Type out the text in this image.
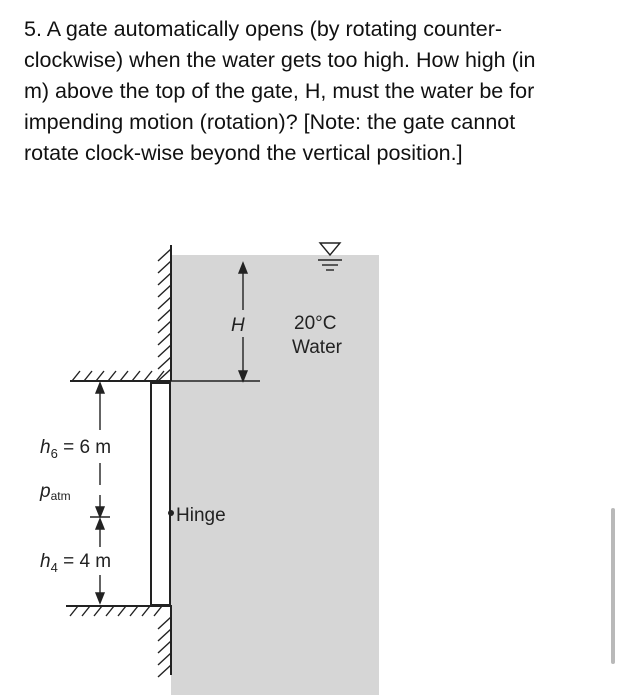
5. A gate automatically opens (by rotating counter-
clockwise) when the water gets too high. How high (in
m) above the top of the gate, H, must the water be for
impending motion (rotation)? [Note: the gate cannot
rotate clock-wise beyond the vertical position.]
H	20°C
Water
Hinge
$h_6 = 6$ m
patm
$h_4 = 4$ m
